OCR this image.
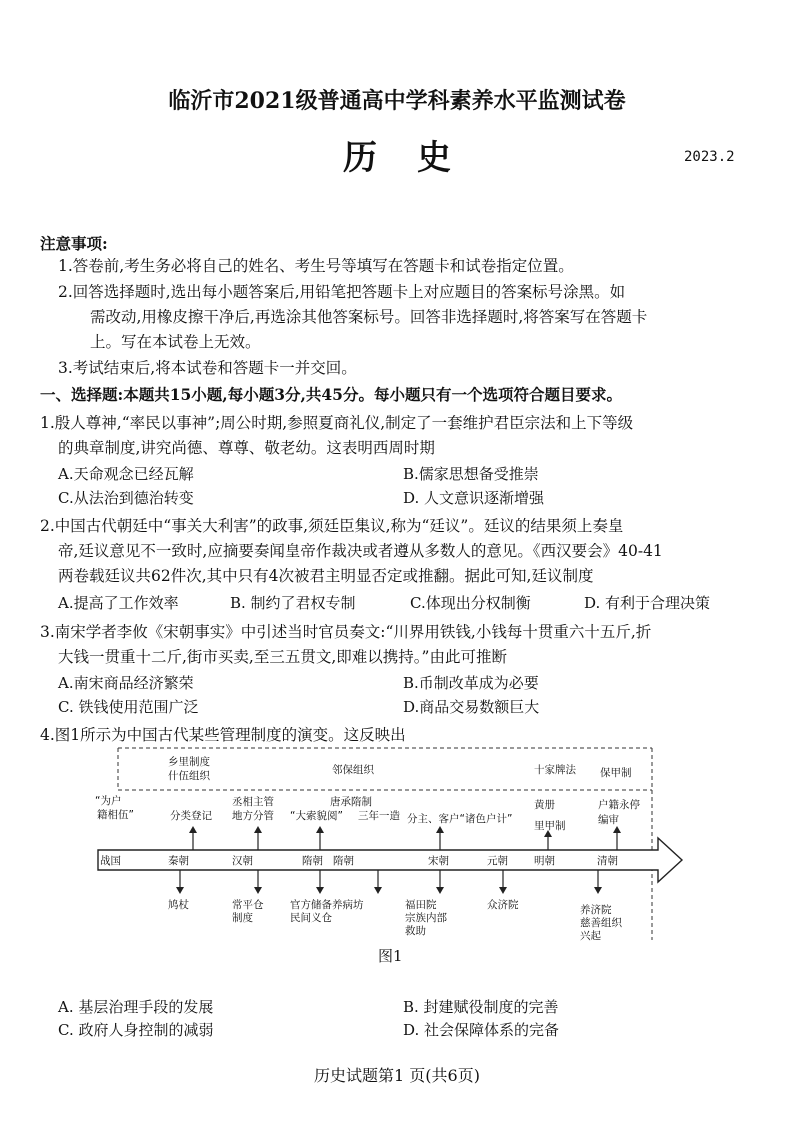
临沂市2021级普通高中学科素养水平监测试卷
历史	2023.2
注意事项:
1.答卷前,考生务必将自己的姓名、考生号等填写在答题卡和试卷指定位置。
2.回答选择题时,选出每小题答案后,用铅笔把答题卡上对应题目的答案标号涂黑。如
需改动,用橡皮擦干净后,再选涂其他答案标号。回答非选择题时,将答案写在答题卡
上。写在本试卷上无效。
3.考试结束后,将本试卷和答题卡一并交回。
一、选择题:本题共15小题,每小题3分,共45分。每小题只有一个选项符合题目要求。
1.殷人尊神,“率民以事神”;周公时期,参照夏商礼仪,制定了一套维护君臣宗法和上下等级
的典章制度,讲究尚德、尊尊、敬老幼。这表明西周时期
A.天命观念已经瓦解	B.儒家思想备受推崇
C.从法治到德治转变	D. 人文意识逐渐增强
2.中国古代朝廷中“事关大利害”的政事,须廷臣集议,称为“廷议”。廷议的结果须上奏皇
帝,廷议意见不一致时,应摘要奏闻皇帝作裁决或者遵从多数人的意见。《西汉要会》40-41
两卷载廷议共62件次,其中只有4次被君主明显否定或推翻。据此可知,廷议制度
A.提高了工作效率	B. 制约了君权专制	C.体现出分权制衡	D. 有利于合理决策
3.南宋学者李攸《宋朝事实》中引述当时官员奏文:“川界用铁钱,小钱每十贯重六十五斤,折
大钱一贯重十二斤,街市买卖,至三五贯文,即难以携持。”由此可推断
A.南宋商品经济繁荣	B.币制改革成为必要
C. 铁钱使用范围广泛	D.商品交易数额巨大
4.图1所示为中国古代某些管理制度的演变。这反映出
乡里制度
什伍组织	邻保组织	十家牌法 保甲制
“为户
籍相伍”	分类登记
丞相主管
地方分管
唐承隋制
“大索貌阅” 三年一造 分主、客户“诸色户计”
黄册
里甲制
户籍永停
编审
战国	秦朝	汉朝	隋朝 隋朝	宋朝	元朝 明朝	清朝
鸠杖	常平仓
制度
官方储备养病坊
民间义仓
福田院
宗族内部
救助
众济院	养济院
慈善组织
兴起
图1
A. 基层治理手段的发展	B. 封建赋役制度的完善
C. 政府人身控制的减弱	D. 社会保障体系的完备
历史试题第1 页(共6页)
